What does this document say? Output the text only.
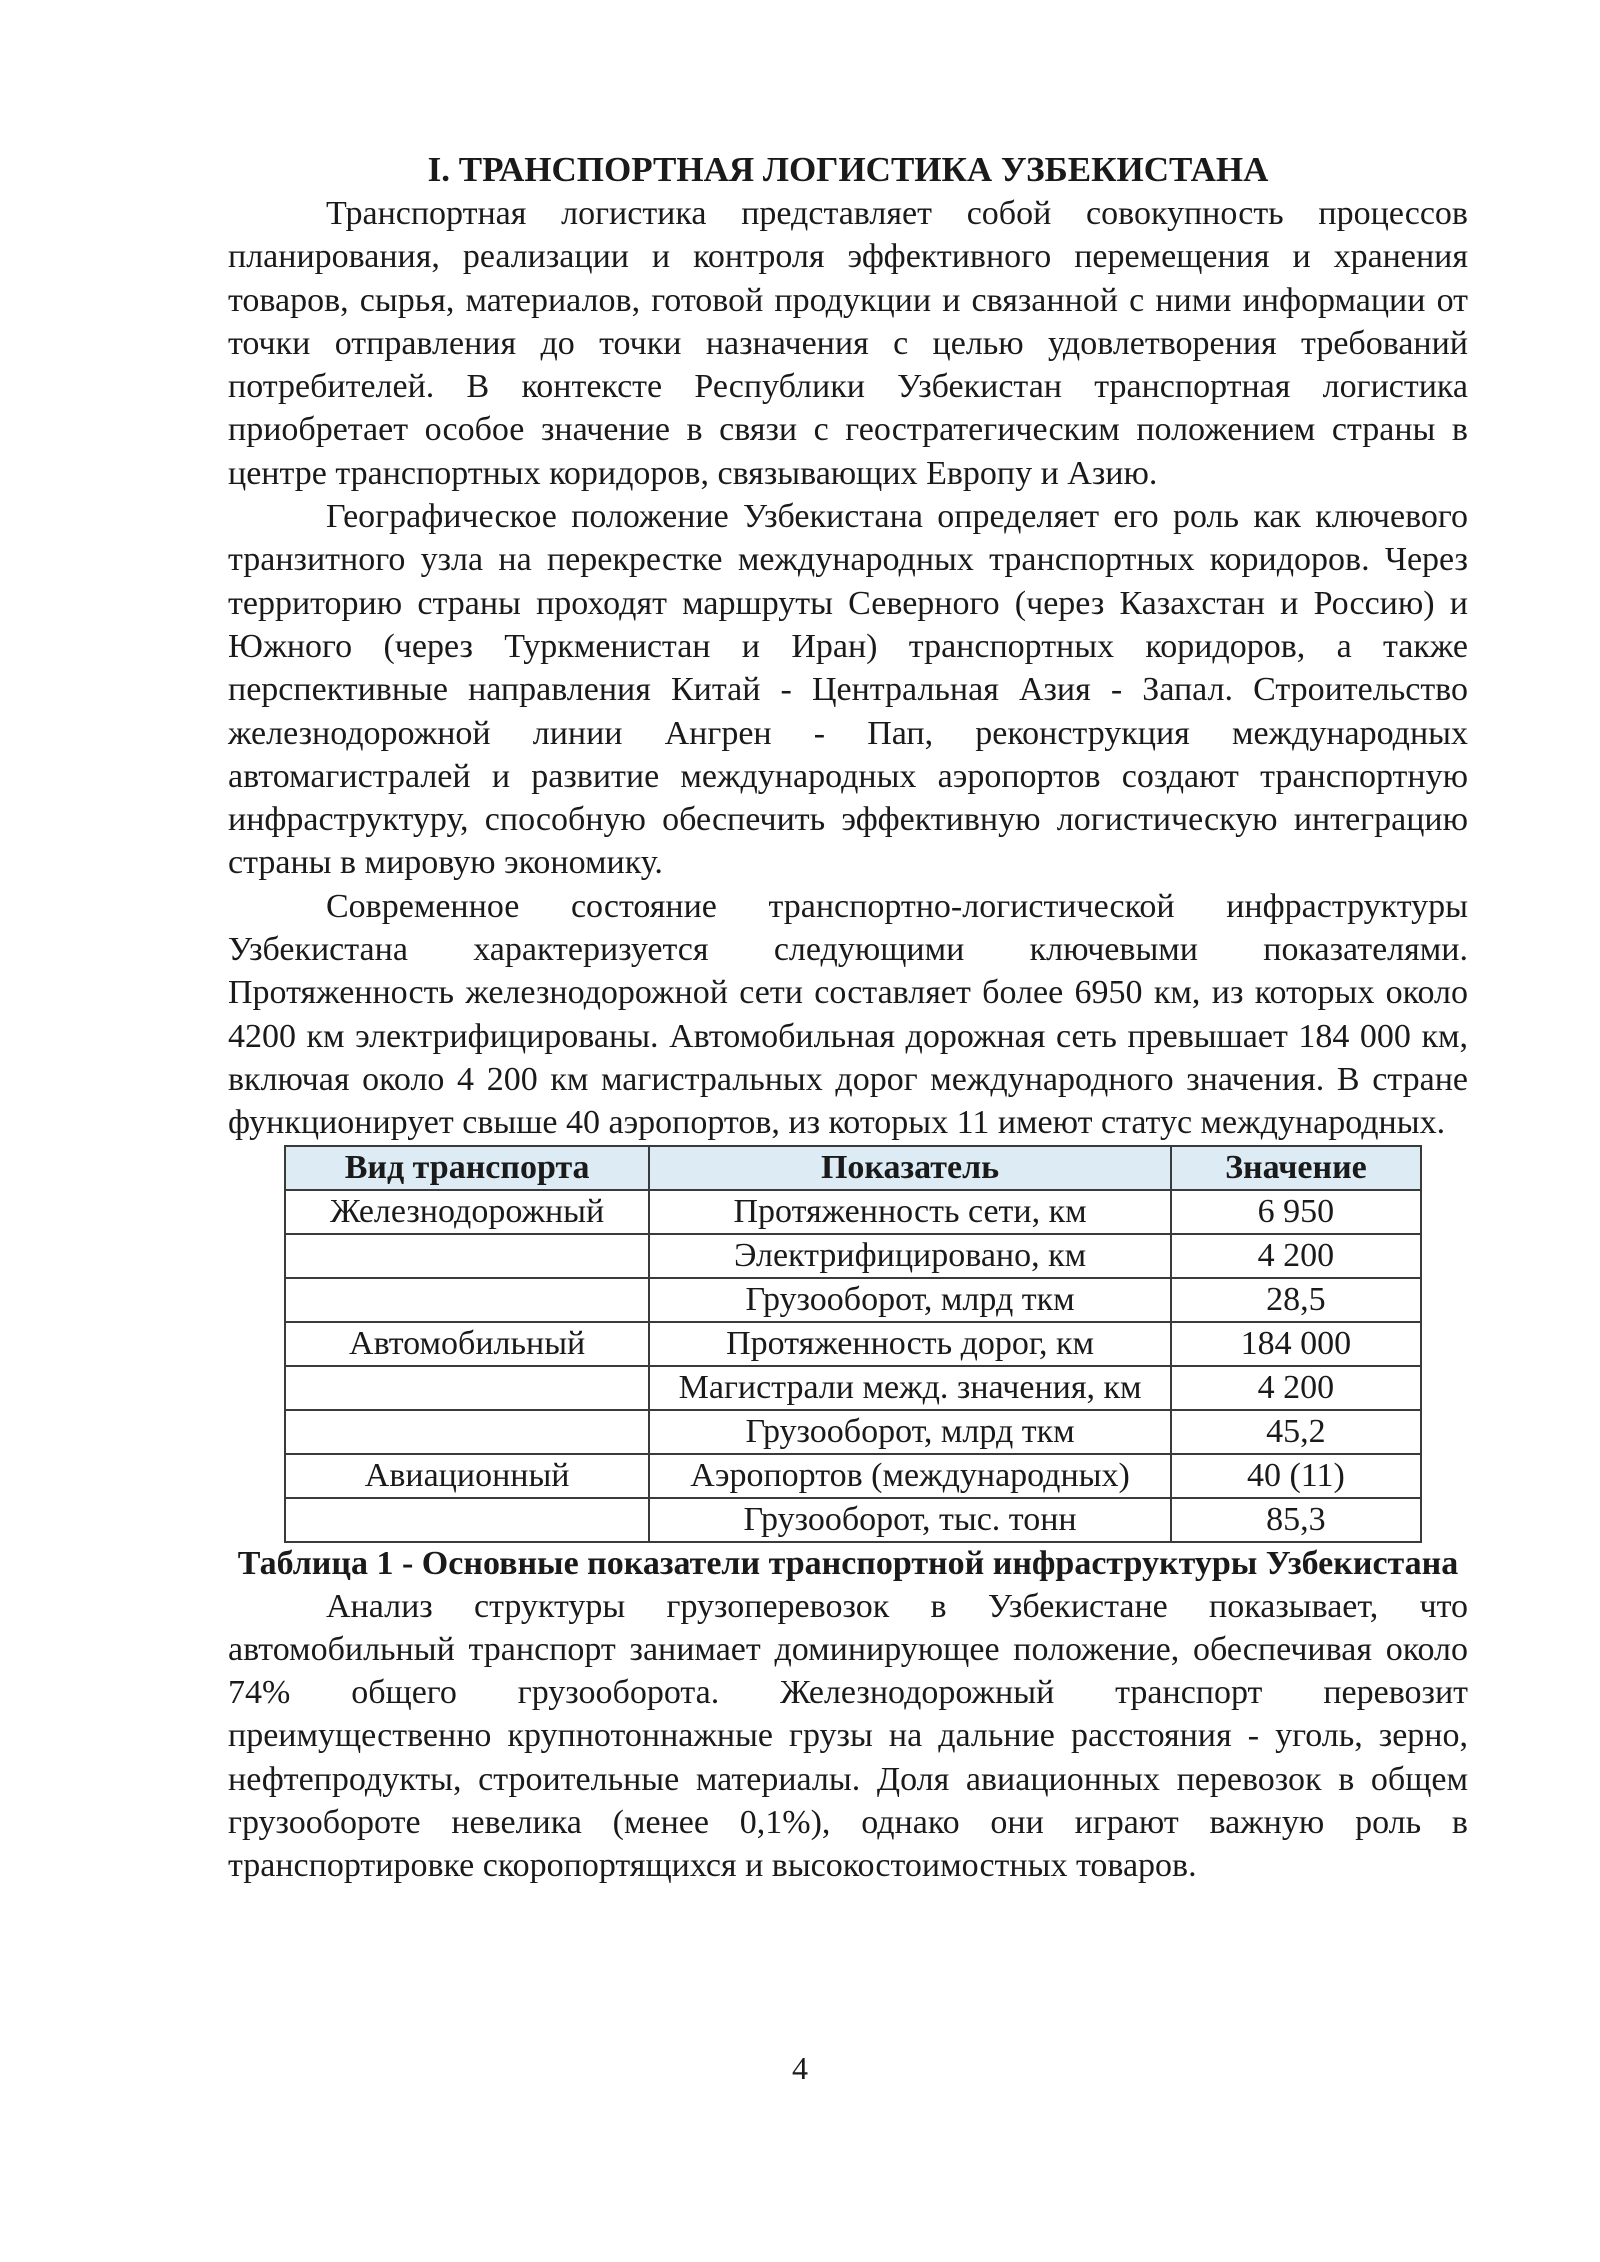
I. ТРАНСПОРТНАЯ ЛОГИСТИКА УЗБЕКИСТАНА

Транспортная логистика представляет собой совокупность процессов планирования, реализации и контроля эффективного перемещения и хранения товаров, сырья, материалов, готовой продукции и связанной с ними информации от точки отправления до точки назначения с целью удовлетворения требований потребителей. В контексте Республики Узбекистан транспортная логистика приобретает особое значение в связи с геостратегическим положением страны в центре транспортных коридоров, связывающих Европу и Азию.

Географическое положение Узбекистана определяет его роль как ключевого транзитного узла на перекрестке международных транспортных коридоров. Через территорию страны проходят маршруты Северного (через Казахстан и Россию) и Южного (через Туркменистан и Иран) транспортных коридоров, а также перспективные направления Китай - Центральная Азия - Запал. Строительство железнодорожной линии Ангрен - Пап, реконструкция международных автомагистралей и развитие международных аэропортов создают транспортную инфраструктуру, способную обеспечить эффективную логистическую интеграцию страны в мировую экономику.

Современное состояние транспортно-логистической инфраструктуры Узбекистана характеризуется следующими ключевыми показателями. Протяженность железнодорожной сети составляет более 6950 км, из которых около 4200 км электрифицированы. Автомобильная дорожная сеть превышает 184 000 км, включая около 4 200 км магистральных дорог международного значения. В стране функционирует свыше 40 аэропортов, из которых 11 имеют статус международных.

Вид транспорта	Показатель	Значение
Железнодорожный	Протяженность сети, км	6 950
	Электрифицировано, км	4 200
	Грузооборот, млрд ткм	28,5
Автомобильный	Протяженность дорог, км	184 000
	Магистрали межд. значения, км	4 200
	Грузооборот, млрд ткм	45,2
Авиационный	Аэропортов (международных)	40 (11)
	Грузооборот, тыс. тонн	85,3
Таблица 1 - Основные показатели транспортной инфраструктуры Узбекистана

Анализ структуры грузоперевозок в Узбекистане показывает, что автомобильный транспорт занимает доминирующее положение, обеспечивая около 74% общего грузооборота. Железнодорожный транспорт перевозит преимущественно крупнотоннажные грузы на дальние расстояния - уголь, зерно, нефтепродукты, строительные материалы. Доля авиационных перевозок в общем грузообороте невелика (менее 0,1%), однако они играют важную роль в транспортировке скоропортящихся и высокостоимостных товаров.

4
